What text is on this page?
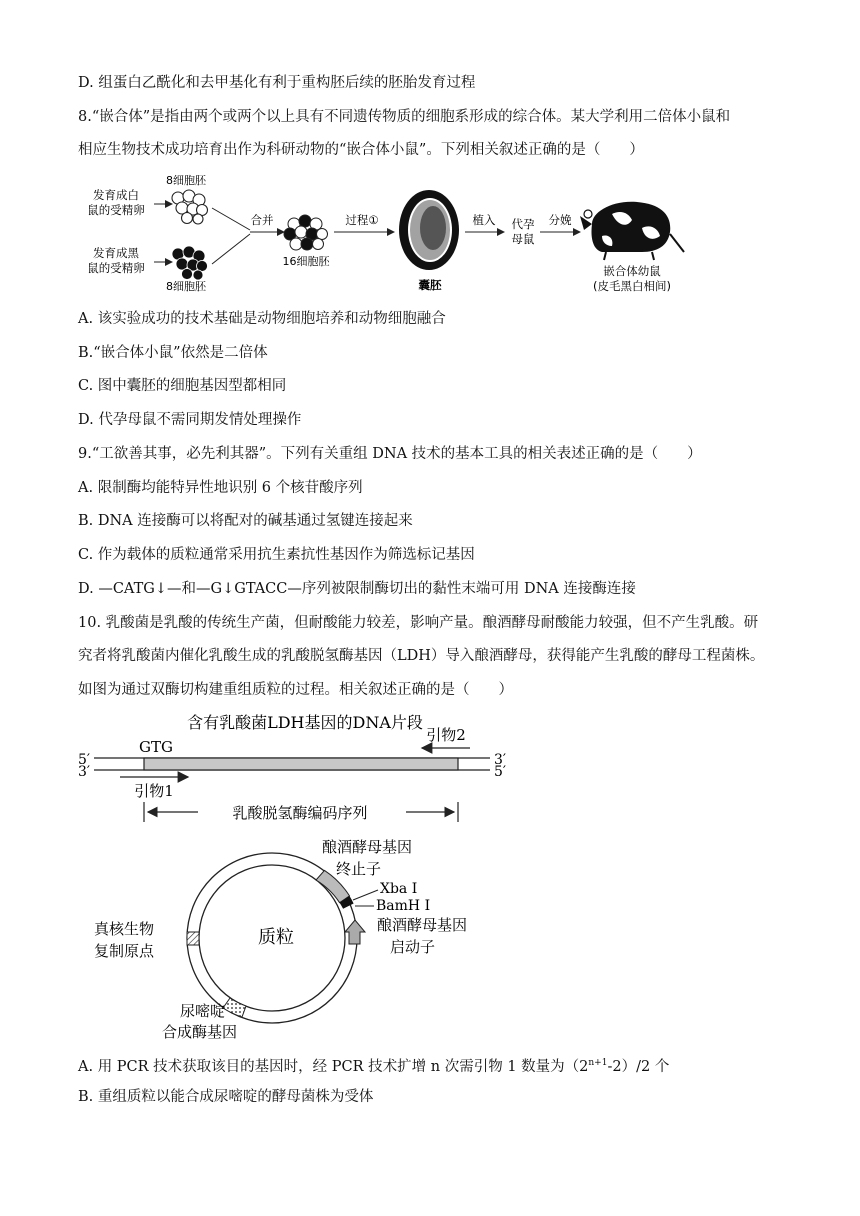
D. 组蛋白乙酰化和去甲基化有利于重构胚后续的胚胎发育过程
8.“嵌合体”是指由两个或两个以上具有不同遗传物质的细胞系形成的综合体。某大学利用二倍体小鼠和
相应生物技术成功培育出作为科研动物的“嵌合体小鼠”。下列相关叙述正确的是（　　）
发育成白
鼠的受精卵
发育成黑
鼠的受精卵
8细胞胚
8细胞胚
合并
16细胞胚
过程①
囊胚
植入 代孕
母鼠
分娩
嵌合体幼鼠
(皮毛黑白相间)
A. 该实验成功的技术基础是动物细胞培养和动物细胞融合
B.“嵌合体小鼠”依然是二倍体
C. 图中囊胚的细胞基因型都相同
D. 代孕母鼠不需同期发情处理操作
9.“工欲善其事，必先利其器”。下列有关重组 DNA 技术的基本工具的相关表述正确的是（　　）
A. 限制酶均能特异性地识别 6 个核苷酸序列
B. DNA 连接酶可以将配对的碱基通过氢键连接起来
C. 作为载体的质粒通常采用抗生素抗性基因作为筛选标记基因
D. —CATG↓—和—G↓GTACC—序列被限制酶切出的黏性末端可用 DNA 连接酶连接
10. 乳酸菌是乳酸的传统生产菌，但耐酸能力较差，影响产量。酿酒酵母耐酸能力较强，但不产生乳酸。研
究者将乳酸菌内催化乳酸生成的乳酸脱氢酶基因（LDH）导入酿酒酵母，获得能产生乳酸的酵母工程菌株。
如图为通过双酶切构建重组质粒的过程。相关叙述正确的是（　　）
含有乳酸菌LDH基因的DNA片段
引物2
GTG
5′
3′
3′
5′
引物1
乳酸脱氢酶编码序列
质粒
酿酒酵母基因
终止子
Xba Ⅰ
BamH Ⅰ
酿酒酵母基因
启动子
真核生物
复制原点
尿嘧啶
合成酶基因
A. 用 PCR 技术获取该目的基因时，经 PCR 技术扩增 n 次需引物 1 数量为$(2^{n+1}-2)/2$ 个
B. 重组质粒以能合成尿嘧啶的酵母菌株为受体
